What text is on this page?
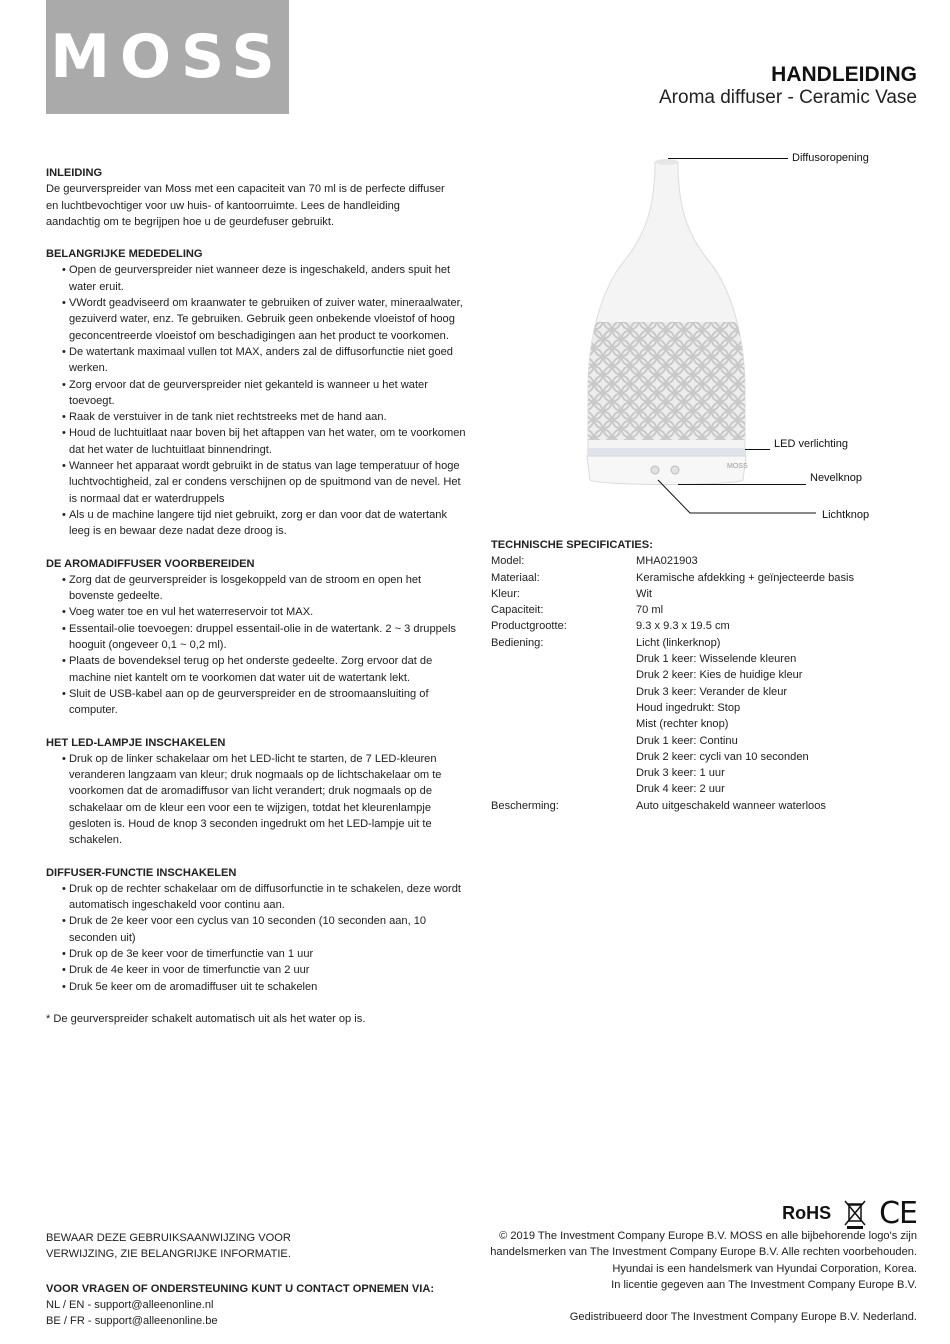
MOSS	HANDLEIDING
Aroma diffuser - Ceramic Vase

INLEIDING

De geurverspreider van Moss met een capaciteit van 70 ml is de perfecte diffuser
en luchtbevochtiger voor uw huis- of kantoorruimte. Lees de handleiding
aandachtig om te begrijpen hoe u de geurdefuser gebruikt.

BELANGRIJKE MEDEDELING

• Open de geurverspreider niet wanneer deze is ingeschakeld, anders spuit het water eruit.
• VWordt geadviseerd om kraanwater te gebruiken of zuiver water, mineraalwater, gezuiverd water, enz. Te gebruiken. Gebruik geen onbekende vloeistof of hoog geconcentreerde vloeistof om beschadigingen aan het product te voorkomen.
• De watertank maximaal vullen tot MAX, anders zal de diffusorfunctie niet goed werken.
• Zorg ervoor dat de geurverspreider niet gekanteld is wanneer u het water toevoegt.
• Raak de verstuiver in de tank niet rechtstreeks met de hand aan.
• Houd de luchtuitlaat naar boven bij het aftappen van het water, om te voorkomen dat het water de luchtuitlaat binnendringt.
• Wanneer het apparaat wordt gebruikt in de status van lage temperatuur of hoge luchtvochtigheid, zal er condens verschijnen op de spuitmond van de nevel. Het is normaal dat er waterdruppels
• Als u de machine langere tijd niet gebruikt, zorg er dan voor dat de watertank leeg is en bewaar deze nadat deze droog is.

DE AROMADIFFUSER VOORBEREIDEN

• Zorg dat de geurverspreider is losgekoppeld van de stroom en open het bovenste gedeelte.
• Voeg water toe en vul het waterreservoir tot MAX.
• Essentail-olie toevoegen: druppel essentail-olie in de watertank. 2 ~ 3 druppels hooguit (ongeveer 0,1 ~ 0,2 ml).
• Plaats de bovendeksel terug op het onderste gedeelte. Zorg ervoor dat de machine niet kantelt om te voorkomen dat water uit de watertank lekt.
• Sluit de USB-kabel aan op de geurverspreider en de stroomaansluiting of computer.

HET LED-LAMPJE INSCHAKELEN

• Druk op de linker schakelaar om het LED-licht te starten, de 7 LED-kleuren veranderen langzaam van kleur; druk nogmaals op de lichtschakelaar om te voorkomen dat de aromadiffusor van licht verandert; druk nogmaals op de schakelaar om de kleur een voor een te wijzigen, totdat het kleurenlampje gesloten is. Houd de knop 3 seconden ingedrukt om het LED-lampje uit te schakelen.

DIFFUSER-FUNCTIE INSCHAKELEN

• Druk op de rechter schakelaar om de diffusorfunctie in te schakelen, deze wordt automatisch ingeschakeld voor continu aan.
• Druk de 2e keer voor een cyclus van 10 seconden (10 seconden aan, 10 seconden uit)
• Druk op de 3e keer voor de timerfunctie van 1 uur
• Druk de 4e keer in voor de timerfunctie van 2 uur
• Druk 5e keer om de aromadiffuser uit te schakelen
* De geurverspreider schakelt automatisch uit als het water op is.
MOSS
Diffusoropening
LED verlichting
Nevelknop
Lichtknop

TECHNISCHE SPECIFICATIES:

Model:	MHA021903
Materiaal:	Keramische afdekking + geïnjecteerde basis
Kleur:	Wit
Capaciteit:	70 ml
Productgrootte:	9.3 x 9.3 x 19.5 cm
Bediening:	Licht (linkerknop)
Druk 1 keer: Wisselende kleuren
Druk 2 keer: Kies de huidige kleur
Druk 3 keer: Verander de kleur
Houd ingedrukt: Stop
Mist (rechter knop)
Druk 1 keer: Continu
Druk 2 keer: cycli van 10 seconden
Druk 3 keer: 1 uur
Druk 4 keer: 2 uur
Bescherming:	Auto uitgeschakeld wanneer waterloos
RoHS CE
BEWAAR DEZE GEBRUIKSAANWIJZING VOOR
VERWIJZING, ZIE BELANGRIJKE INFORMATIE.
VOOR VRAGEN OF ONDERSTEUNING KUNT U CONTACT OPNEMEN VIA:
NL / EN - support@alleenonline.nl
BE / FR - support@alleenonline.be
© 2019 The Investment Company Europe B.V. MOSS en alle bijbehorende logo's zijn
handelsmerken van The Investment Company Europe B.V. Alle rechten voorbehouden.
Hyundai is een handelsmerk van Hyundai Corporation, Korea.
In licentie gegeven aan The Investment Company Europe B.V.
Gedistribueerd door The Investment Company Europe B.V. Nederland.
